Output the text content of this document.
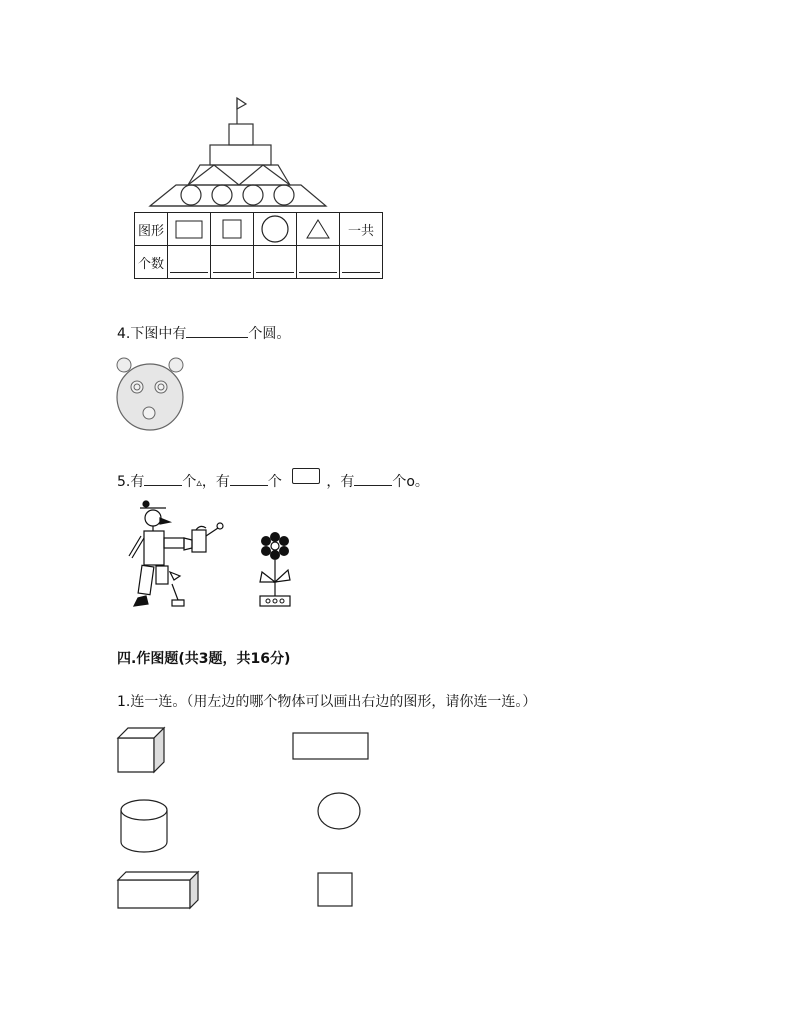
图形					一共
个数	

4.下图中有	个圆。
5.有	个▵，有	个	，有	个o。
四.作图题(共3题，共16分)
1.连一连。（用左边的哪个物体可以画出右边的图形，请你连一连。）
